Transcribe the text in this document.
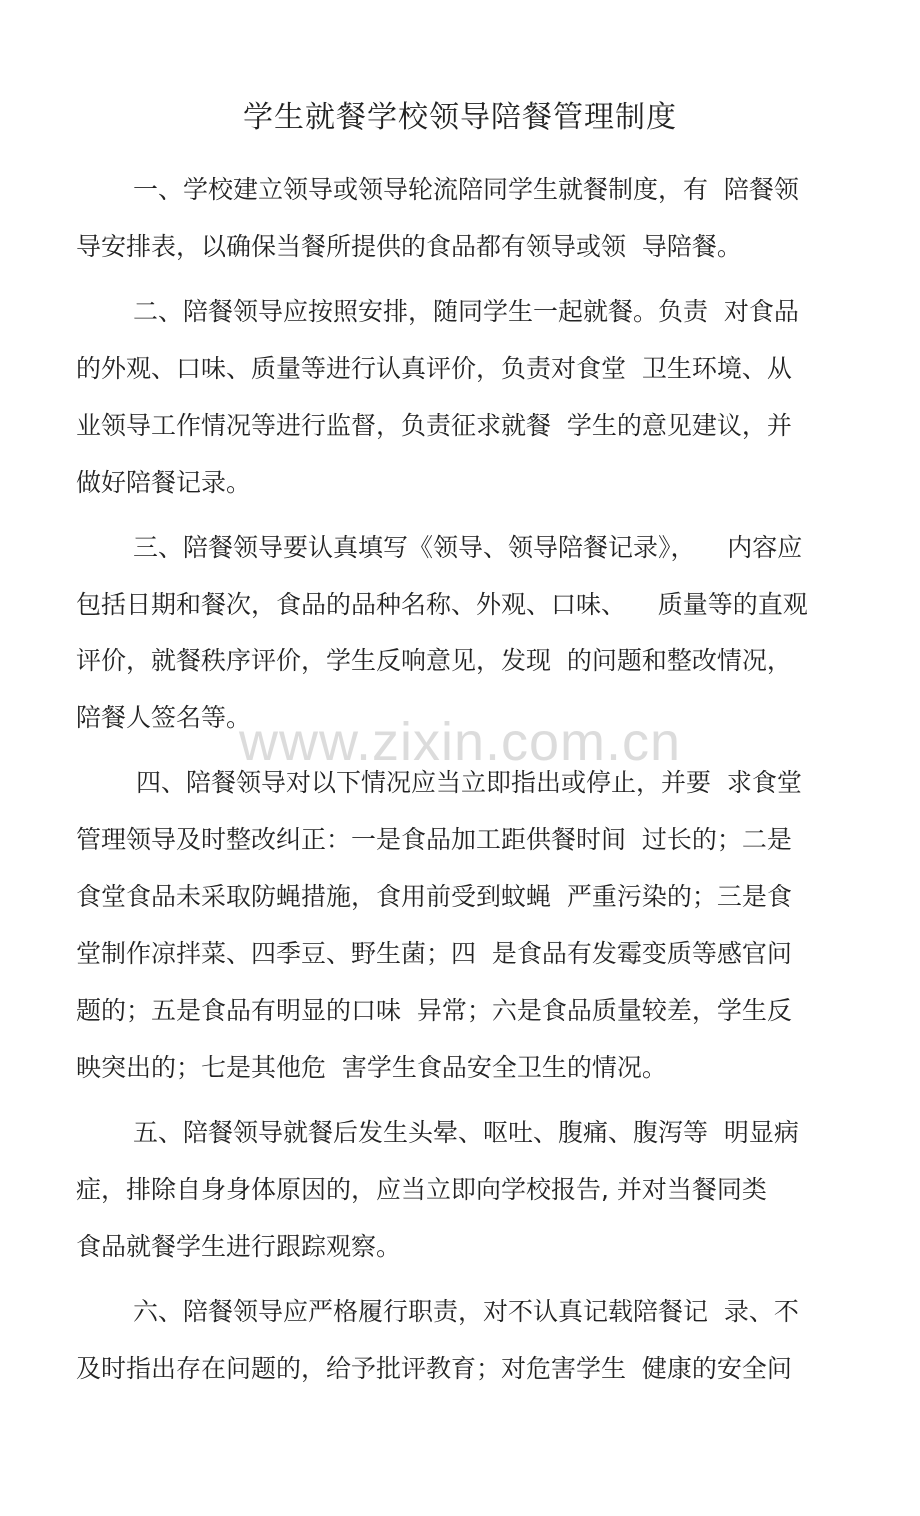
学生就餐学校领导陪餐管理制度
一、学校建立领导或领导轮流陪同学生就餐制度，有  陪餐领
导安排表，以确保当餐所提供的食品都有领导或领  导陪餐。
二、陪餐领导应按照安排，随同学生一起就餐。负责  对食品
的外观、口味、质量等进行认真评价，负责对食堂  卫生环境、从
业领导工作情况等进行监督，负责征求就餐  学生的意见建议，并
做好陪餐记录。
三、陪餐领导要认真填写《领导、领导陪餐记录》，    内容应
包括日期和餐次，食品的品种名称、外观、口味、    质量等的直观
评价，就餐秩序评价，学生反响意见，发现  的问题和整改情况，
陪餐人签名等。
www.zixin.com.cn
四、陪餐领导对以下情况应当立即指出或停止，并要  求食堂
管理领导及时整改纠正：一是食品加工距供餐时间  过长的；二是
食堂食品未采取防蝇措施，食用前受到蚊蝇  严重污染的；三是食
堂制作凉拌菜、四季豆、野生菌；四  是食品有发霉变质等感官问
题的；五是食品有明显的口味  异常；六是食品质量较差，学生反
映突出的；七是其他危  害学生食品安全卫生的情况。
五、陪餐领导就餐后发生头晕、呕吐、腹痛、腹泻等  明显病
症，排除自身身体原因的，应当立即向学校报告, 并对当餐同类
食品就餐学生进行跟踪观察。
六、陪餐领导应严格履行职责，对不认真记载陪餐记  录、不
及时指出存在问题的，给予批评教育；对危害学生  健康的安全问
